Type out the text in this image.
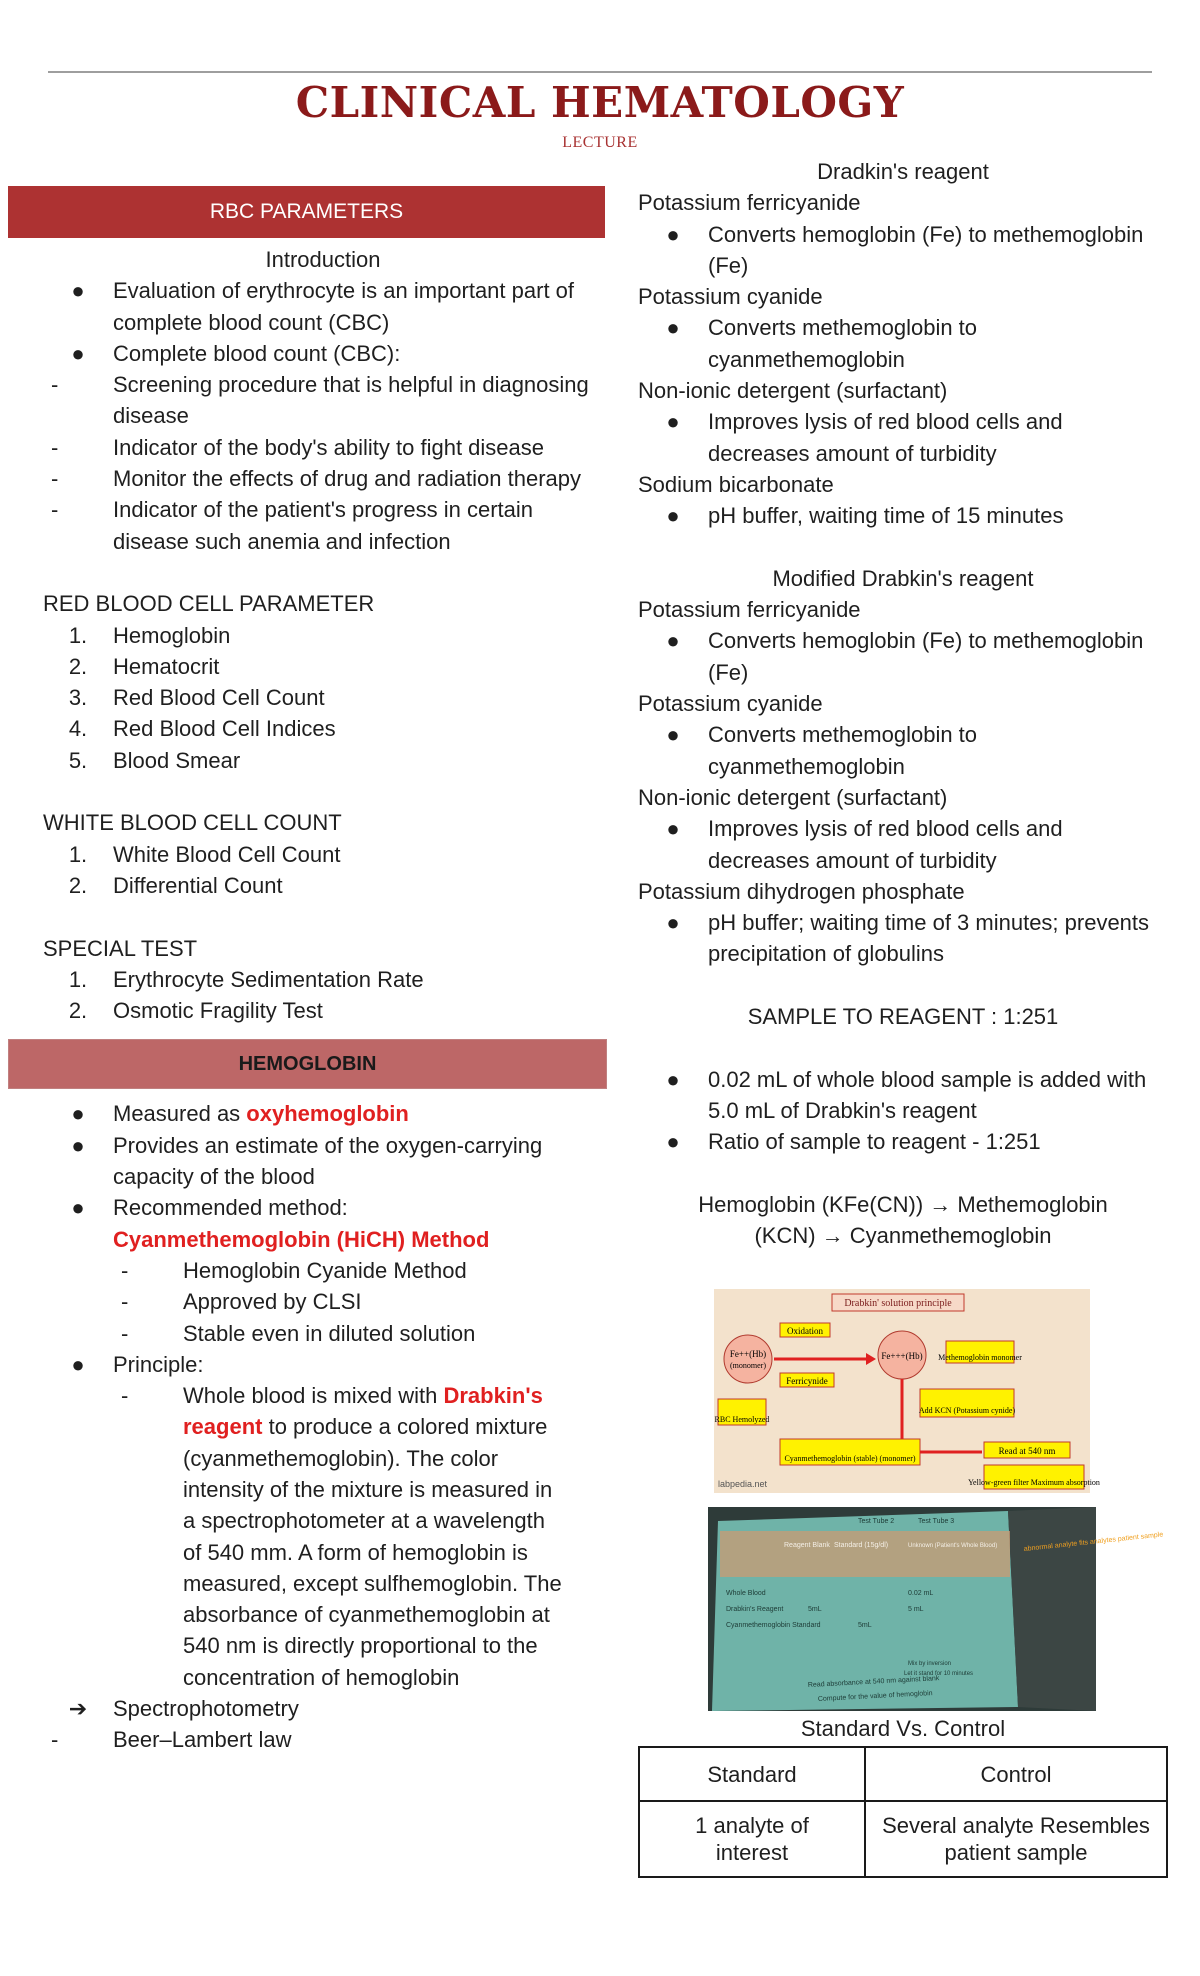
CLINICAL HEMATOLOGY
LECTURE
RBC PARAMETERS
Introduction
●	Evaluation of erythrocyte is an important part of complete blood count (CBC)
●	Complete blood count (CBC):
-	Screening procedure that is helpful in diagnosing disease
-	Indicator of the body's ability to fight disease
-	Monitor the effects of drug and radiation therapy
-	Indicator of the patient's progress in certain disease such anemia and infection
RED BLOOD CELL PARAMETER
1.	Hemoglobin
2.	Hematocrit
3.	Red Blood Cell Count
4.	Red Blood Cell Indices
5.	Blood Smear
WHITE BLOOD CELL COUNT
1.	White Blood Cell Count
2.	Differential Count
SPECIAL TEST
1.	Erythrocyte Sedimentation Rate
2.	Osmotic Fragility Test
HEMOGLOBIN
●	Measured as oxyhemoglobin
●	Provides an estimate of the oxygen-carrying capacity of the blood
●	Recommended method:
Cyanmethemoglobin (HiCH) Method
-	Hemoglobin Cyanide Method
-	Approved by CLSI
-	Stable even in diluted solution
●	Principle:
-	Whole blood is mixed with Drabkin's reagent to produce a colored mixture (cyanmethemoglobin). The color intensity of the mixture is measured in a spectrophotometer at a wavelength of 540 mm. A form of hemoglobin is measured, except sulfhemoglobin. The absorbance of cyanmethemoglobin at 540 nm is directly proportional to the concentration of hemoglobin
➔	Spectrophotometry
-	Beer–Lambert law
Dradkin's reagent
Potassium ferricyanide
●	Converts hemoglobin (Fe) to methemoglobin (Fe)
Potassium cyanide
●	Converts methemoglobin to cyanmethemoglobin
Non-ionic detergent (surfactant)
●	Improves lysis of red blood cells and decreases amount of turbidity
Sodium bicarbonate
●	pH buffer, waiting time of 15 minutes
Modified Drabkin's reagent
Potassium ferricyanide
●	Converts hemoglobin (Fe) to methemoglobin (Fe)
Potassium cyanide
●	Converts methemoglobin to cyanmethemoglobin
Non-ionic detergent (surfactant)
●	Improves lysis of red blood cells and decreases amount of turbidity
Potassium dihydrogen phosphate
●	pH buffer; waiting time of 3 minutes; prevents precipitation of globulins
SAMPLE TO REAGENT : 1:251
●	0.02 mL of whole blood sample is added with 5.0 mL of Drabkin's reagent
●	Ratio of sample to reagent - 1:251
Hemoglobin (KFe(CN)) → Methemoglobin (KCN) → Cyanmethemoglobin
Drabkin' solution principle
Fe++(Hb)
(monomer)
Oxidation
Ferricynide
RBC Hemolyzed
Fe+++(Hb) Methemoglobin monomer
Add KCN (Potassium cynide)
Cyanmethemoglobin (stable) (monomer)
Read at 540 nm
Yellow-green filter Maximum absorption
labpedia.net
Test Tube 2	Test Tube 3
Reagent Blank Standard (15g/dl)	Unknown (Patient's Whole Blood)
Whole Blood
Drabkin's Reagent
Cyanmethemoglobin Standard
5mL
0.02 mL
5 mL
5mL
Mix by inversion
Let it stand for 10 minutes
Read absorbance at 540 nm against blank
Compute for the value of hemoglobin
abnormal analyte fits analytes patient sample
Standard Vs. Control
Standard	Control
1 analyte of interest	Several analyte Resembles patient sample
